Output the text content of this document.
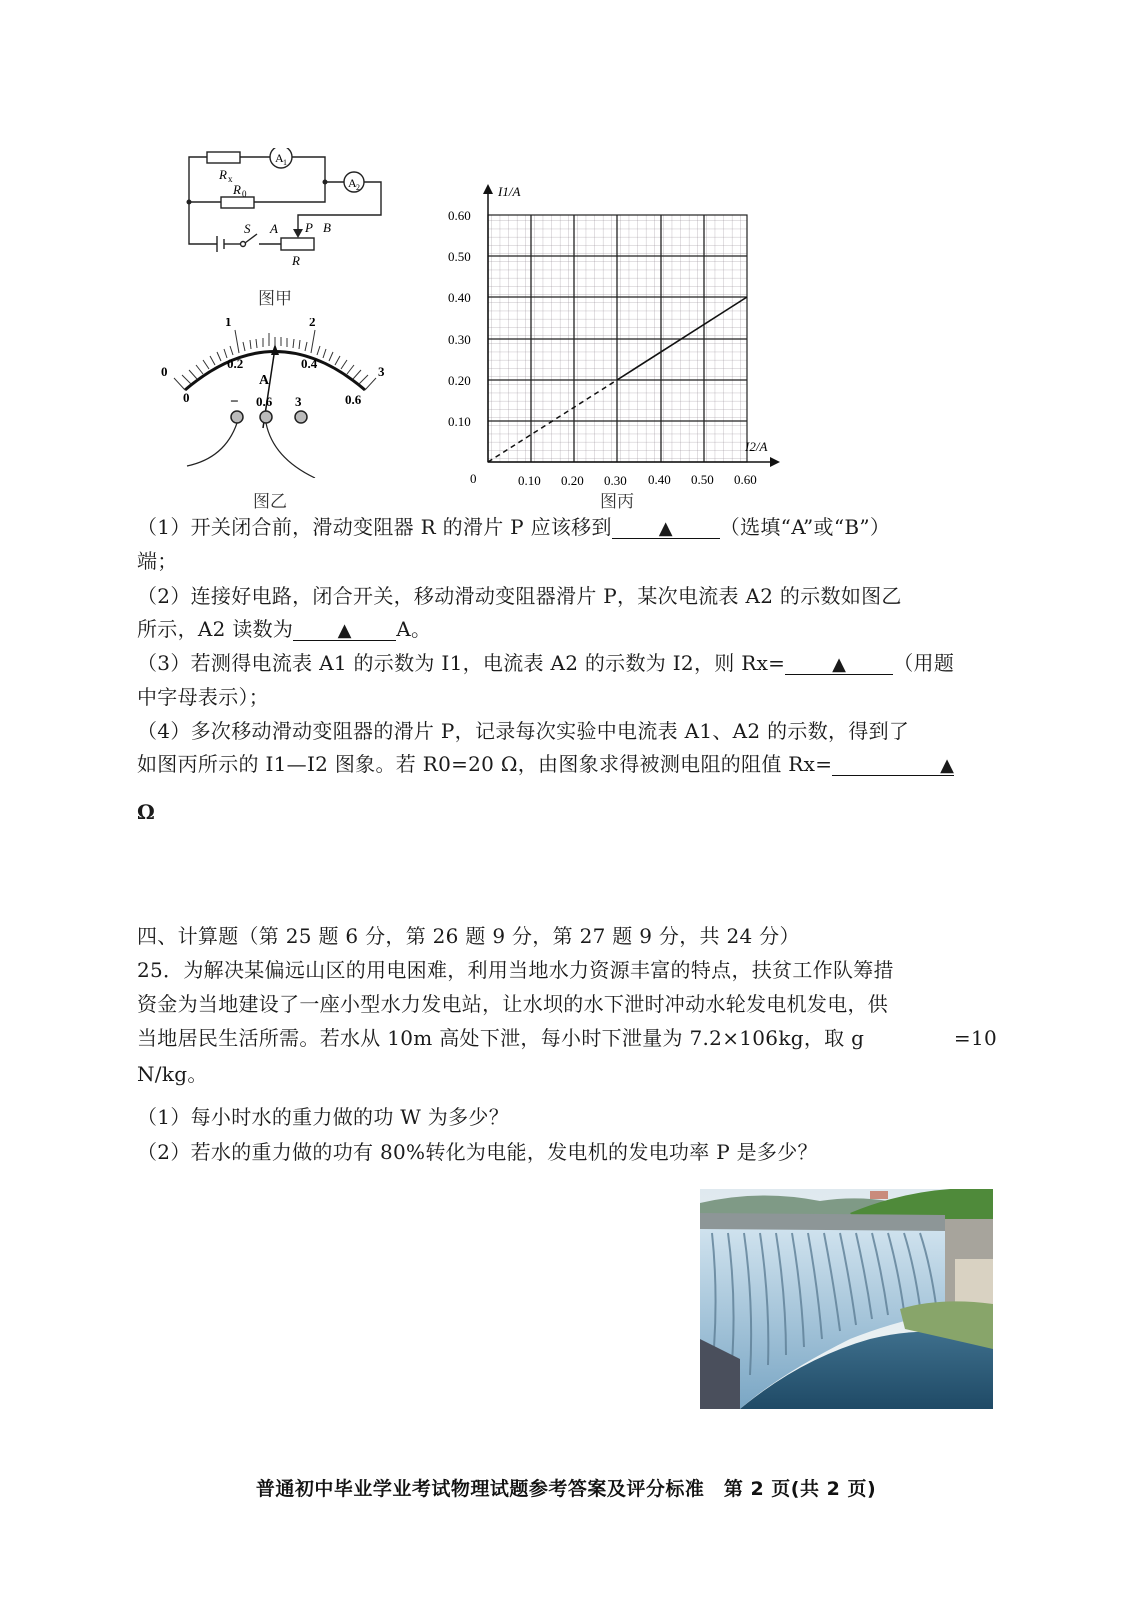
A 1
A 2
R x
R 0
S A P B
R
图甲
0
1	2
3
0
0.2	0.4
0.6
A
− 0.6 3
图乙
0.60
0.50
0.40
0.30
0.20
0.10
0	0.10 0.20 0.30 0.40 0.50 0.60
I1/A
I2/A
图丙
（1）开关闭合前，滑动变阻器 R 的滑片 P 应该移到	▲ （选填“A”或“B”）
端；
（2）连接好电路，闭合开关，移动滑动变阻器滑片 P，某次电流表 A2 的示数如图乙
所示，A2 读数为 ▲ A。
（3）若测得电流表 A1 的示数为 I1，电流表 A2 的示数为 I2，则 Rx=	▲ （用题
中字母表示）；
（4）多次移动滑动变阻器的滑片 P，记录每次实验中电流表 A1、A2 的示数，得到了
如图丙所示的 I1—I2 图象。若 R0=20 Ω，由图象求得被测电阻的阻值 Rx=	▲
Ω
四、计算题（第 25 题 6 分，第 26 题 9 分，第 27 题 9 分，共 24 分）
25．为解决某偏远山区的用电困难，利用当地水力资源丰富的特点，扶贫工作队筹措
资金为当地建设了一座小型水力发电站，让水坝的水下泄时冲动水轮发电机发电，供
当地居民生活所需。若水从 10m 高处下泄，每小时下泄量为 7.2×106kg，取 g	=10
N/kg。
（1）每小时水的重力做的功 W 为多少？
（2）若水的重力做的功有 80%转化为电能，发电机的发电功率 P 是多少？
普通初中毕业学业考试物理试题参考答案及评分标准　第 2 页(共 2 页)
